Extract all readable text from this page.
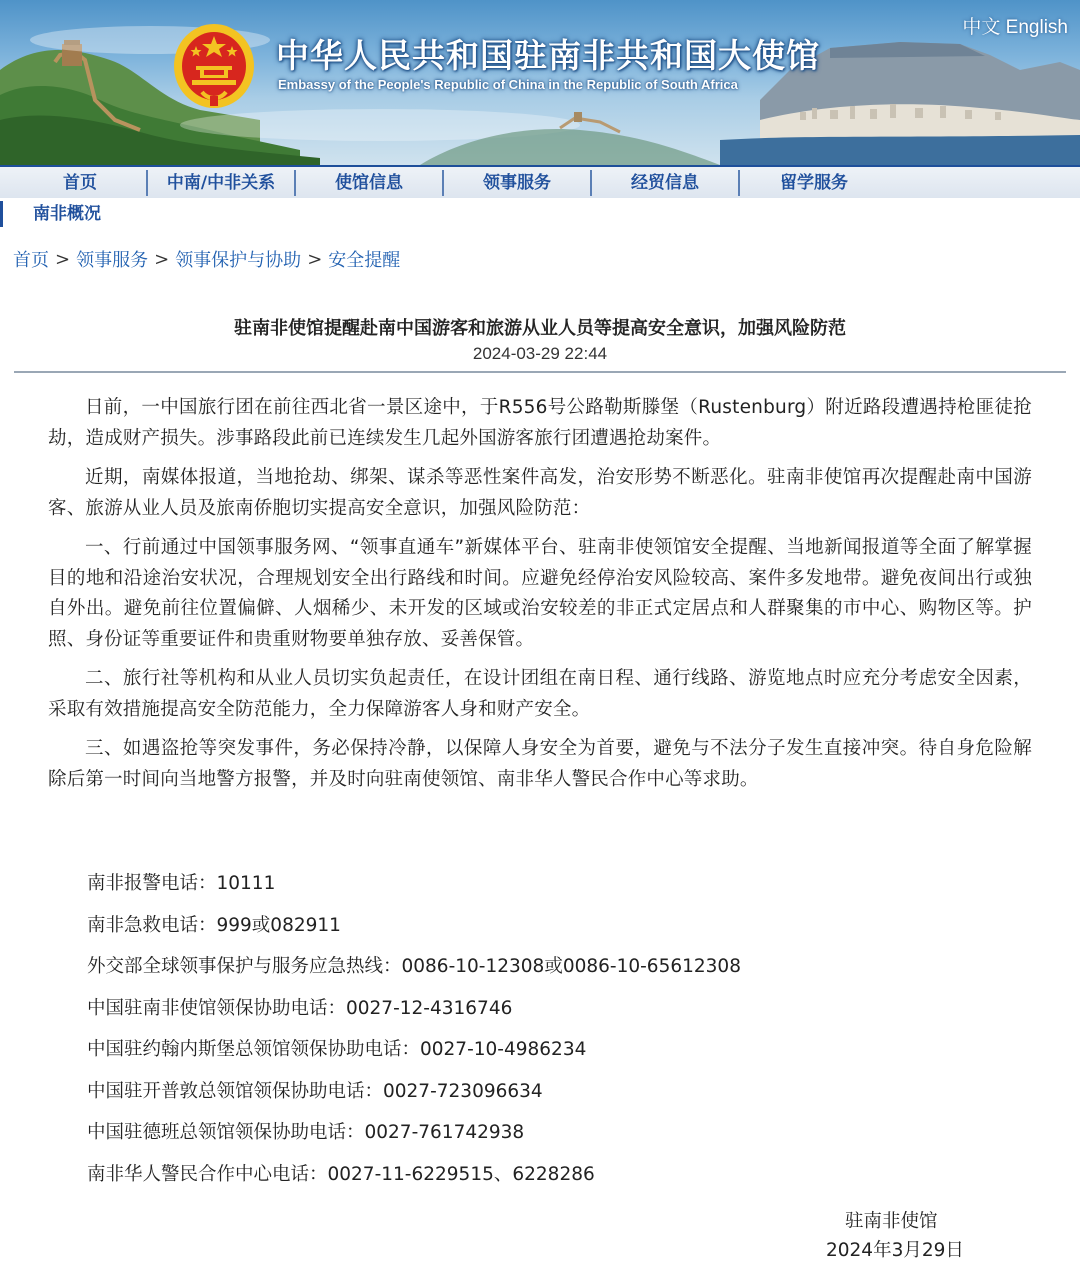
中华人民共和国驻南非共和国大使馆
Embassy of the People's Republic of China in the Republic of South Africa
中文 English
首页	中南/中非关系	使馆信息	领事服务	经贸信息	留学服务
南非概况
首页 > 领事服务 > 领事保护与协助 > 安全提醒
驻南非使馆提醒赴南中国游客和旅游从业人员等提高安全意识，加强风险防范
2024-03-29 22:44

日前，一中国旅行团在前往西北省一景区途中，于R556号公路勒斯滕堡（Rustenburg）附近路段遭遇持枪匪徒抢劫，造成财产损失。涉事路段此前已连续发生几起外国游客旅行团遭遇抢劫案件。

近期，南媒体报道，当地抢劫、绑架、谋杀等恶性案件高发，治安形势不断恶化。驻南非使馆再次提醒赴南中国游客、旅游从业人员及旅南侨胞切实提高安全意识，加强风险防范：

一、行前通过中国领事服务网、“领事直通车”新媒体平台、驻南非使领馆安全提醒、当地新闻报道等全面了解掌握目的地和沿途治安状况，合理规划安全出行路线和时间。应避免经停治安风险较高、案件多发地带。避免夜间出行或独自外出。避免前往位置偏僻、人烟稀少、未开发的区域或治安较差的非正式定居点和人群聚集的市中心、购物区等。护照、身份证等重要证件和贵重财物要单独存放、妥善保管。

二、旅行社等机构和从业人员切实负起责任，在设计团组在南日程、通行线路、游览地点时应充分考虑安全因素，采取有效措施提高安全防范能力，全力保障游客人身和财产安全。

三、如遇盗抢等突发事件，务必保持冷静，以保障人身安全为首要，避免与不法分子发生直接冲突。待自身危险解除后第一时间向当地警方报警，并及时向驻南使领馆、南非华人警民合作中心等求助。

南非报警电话：10111
南非急救电话：999或082911
外交部全球领事保护与服务应急热线：0086-10-12308或0086-10-65612308
中国驻南非使馆领保协助电话：0027-12-4316746
中国驻约翰内斯堡总领馆领保协助电话：0027-10-4986234
中国驻开普敦总领馆领保协助电话：0027-723096634
中国驻德班总领馆领保协助电话：0027-761742938
南非华人警民合作中心电话：0027-11-6229515、6228286
驻南非使馆
2024年3月29日
